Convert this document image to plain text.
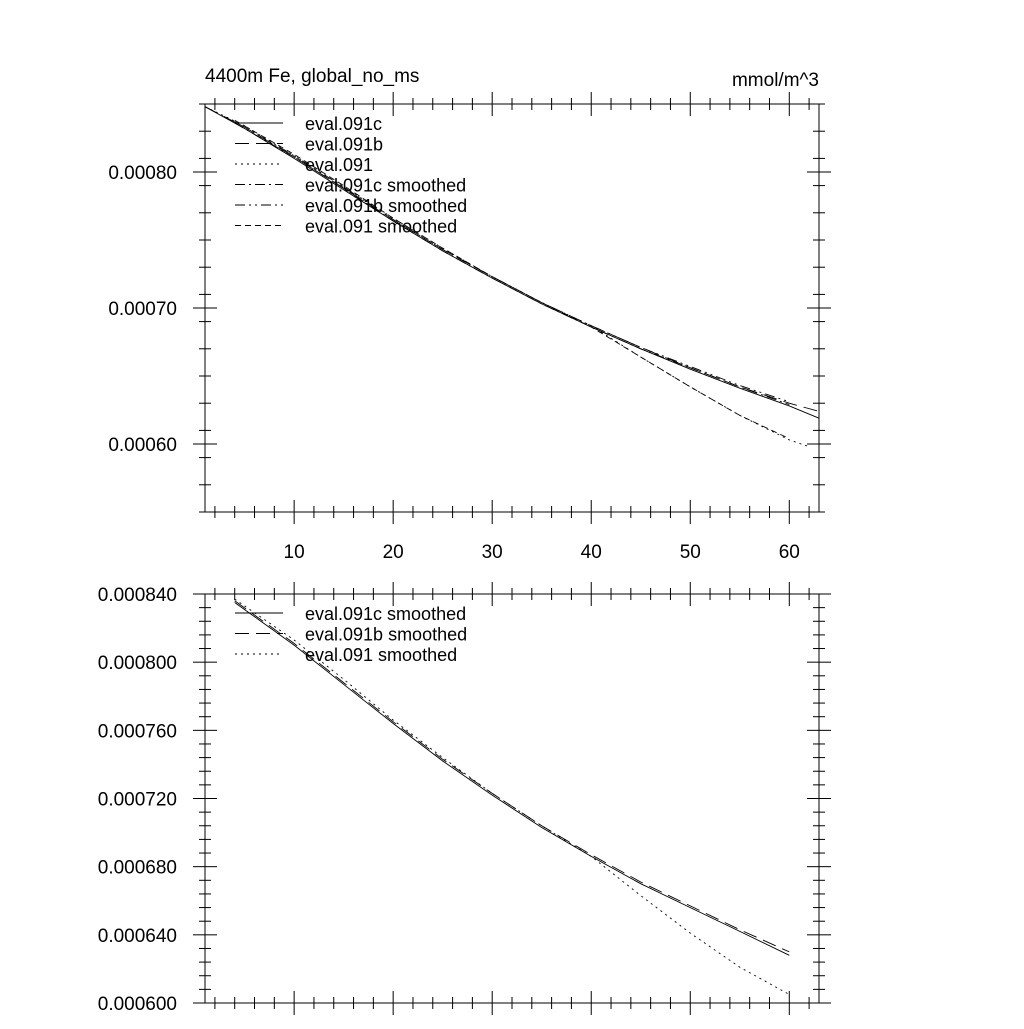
4400m Fe, global_no_ms	mmol/m^3
10	20	30	40	50	60
0.00060
0.00070
0.00080
eval.091c
eval.091b
eval.091
eval.091c smoothed
eval.091b smoothed
eval.091 smoothed
0.000600
0.000640
0.000680
0.000720
0.000760
0.000800
0.000840
eval.091c smoothed
eval.091b smoothed
eval.091 smoothed
